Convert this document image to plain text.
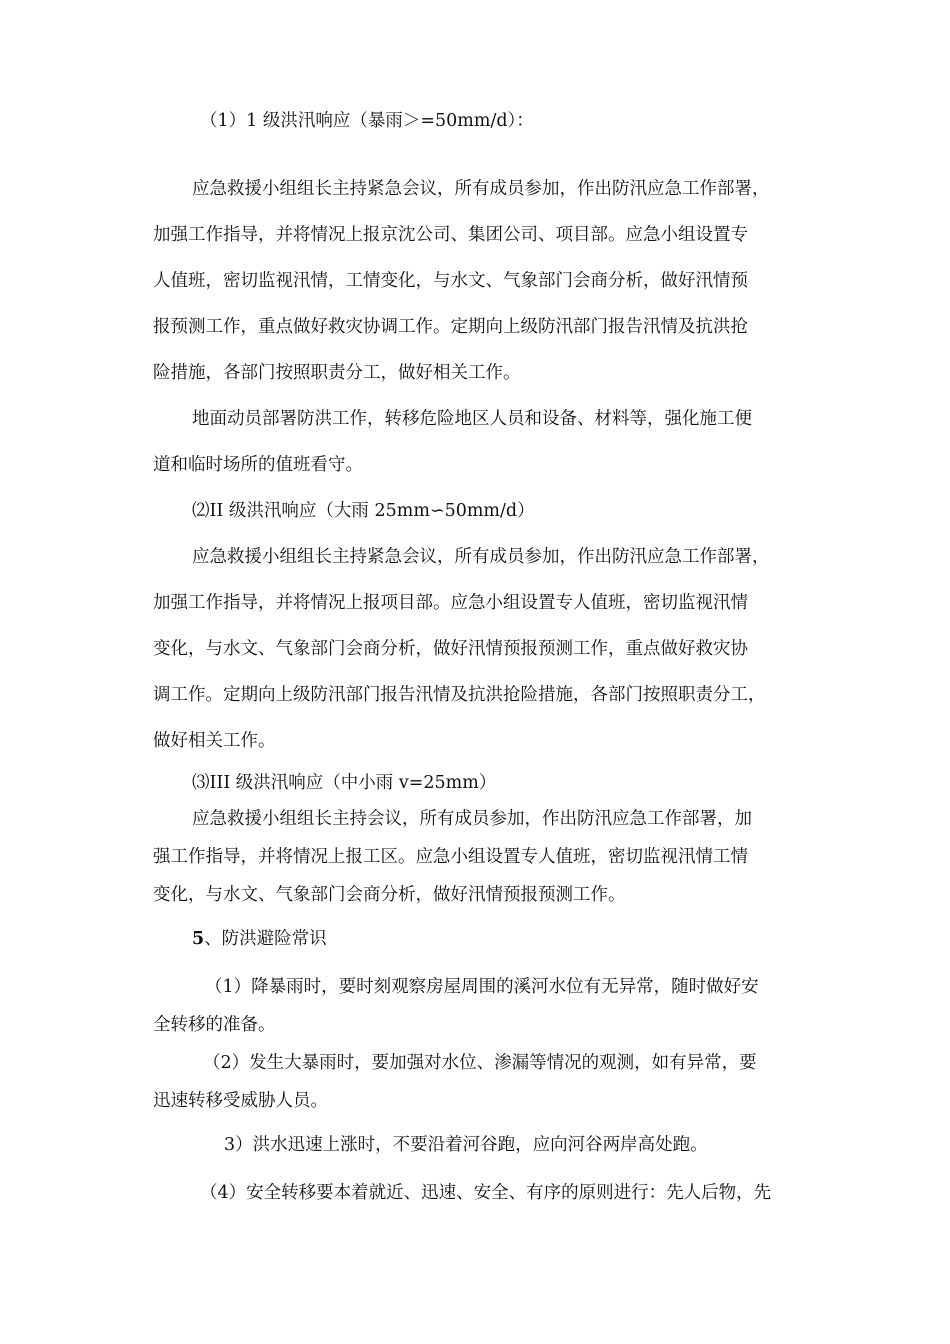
（1）1 级洪汛响应（暴雨＞=50mm/d）：

应急救援小组组长主持紧急会议，所有成员参加，作出防汛应急工作部署，

加强工作指导，并将情况上报京沈公司、集团公司、项目部。应急小组设置专

人值班，密切监视汛情，工情变化，与水文、气象部门会商分析，做好汛情预

报预测工作，重点做好救灾协调工作。定期向上级防汛部门报告汛情及抗洪抢

险措施，各部门按照职责分工，做好相关工作。

地面动员部署防洪工作，转移危险地区人员和设备、材料等，强化施工便

道和临时场所的值班看守。

⑵II 级洪汛响应（大雨 25mm∽50mm/d）

应急救援小组组长主持紧急会议，所有成员参加，作出防汛应急工作部署，

加强工作指导，并将情况上报项目部。应急小组设置专人值班，密切监视汛情

变化，与水文、气象部门会商分析，做好汛情预报预测工作，重点做好救灾协

调工作。定期向上级防汛部门报告汛情及抗洪抢险措施，各部门按照职责分工，

做好相关工作。

⑶III 级洪汛响应（中小雨 v=25mm）

应急救援小组组长主持会议，所有成员参加，作出防汛应急工作部署，加

强工作指导，并将情况上报工区。应急小组设置专人值班，密切监视汛情工情

变化，与水文、气象部门会商分析，做好汛情预报预测工作。

5、防洪避险常识

（1）降暴雨时，要时刻观察房屋周围的溪河水位有无异常，随时做好安

全转移的准备。

（2）发生大暴雨时，要加强对水位、渗漏等情况的观测，如有异常，要

迅速转移受威胁人员。

3）洪水迅速上涨时，不要沿着河谷跑，应向河谷两岸高处跑。

（4）安全转移要本着就近、迅速、安全、有序的原则进行：先人后物，先
